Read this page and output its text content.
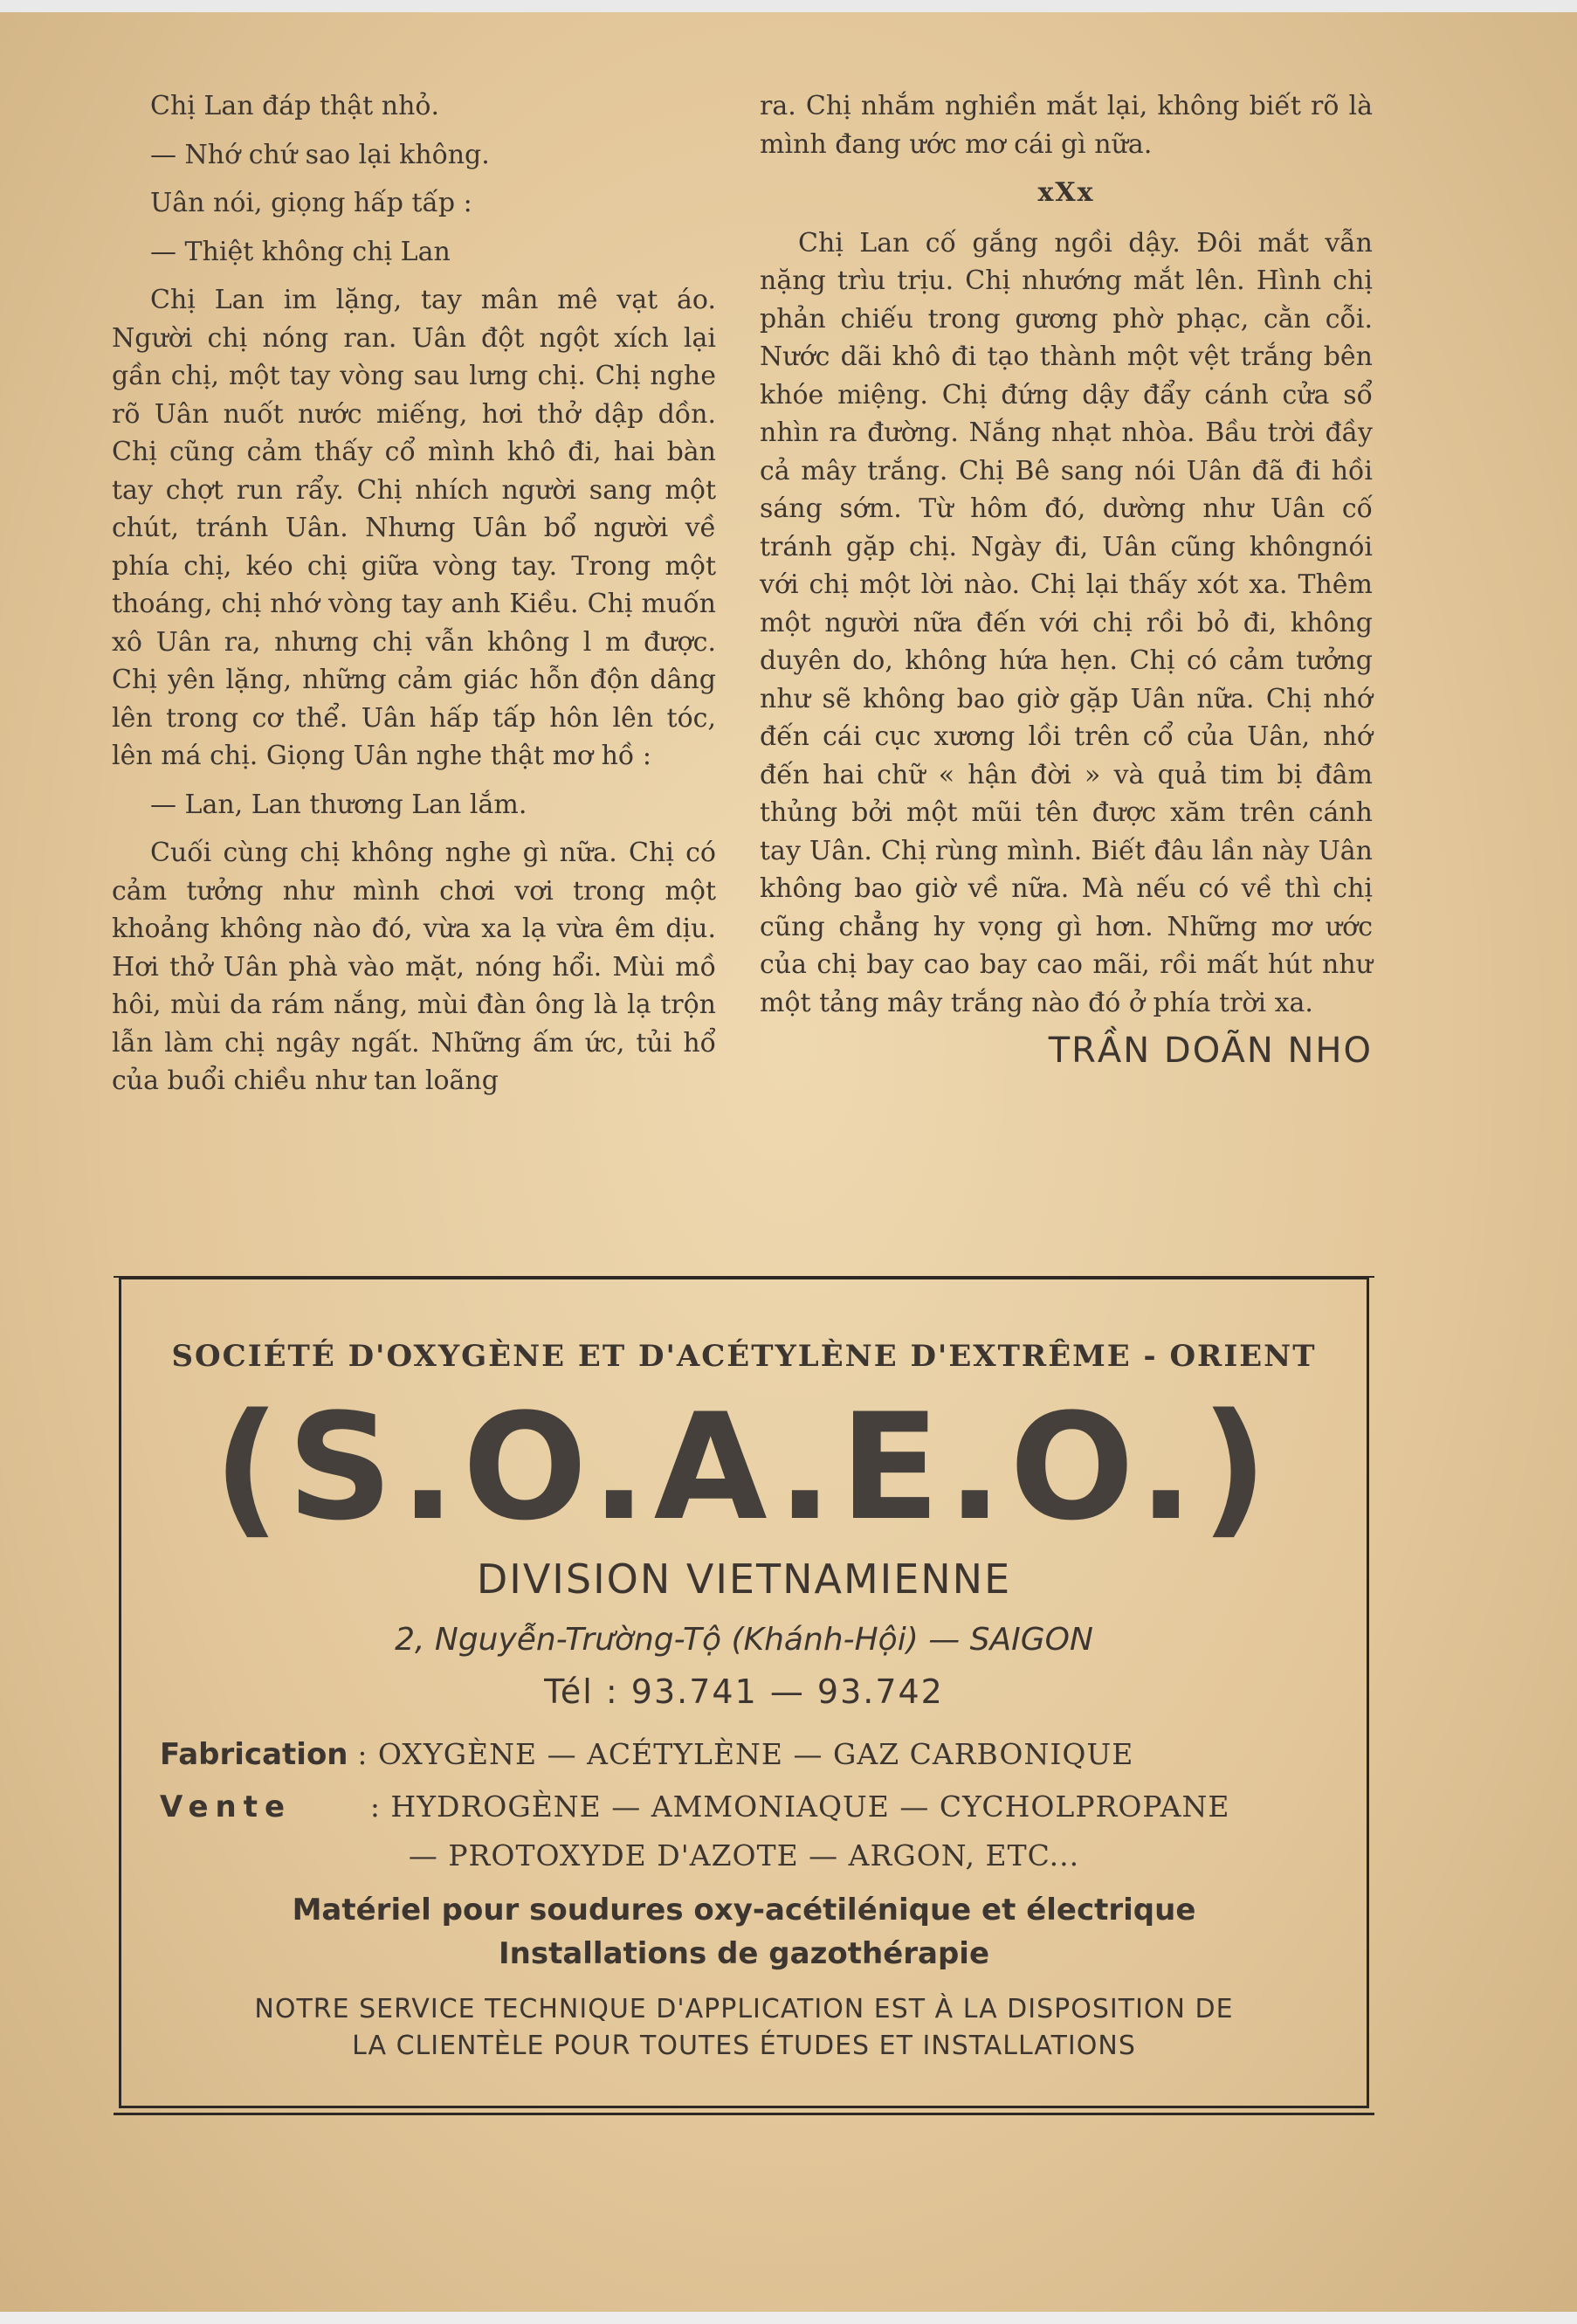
Chị Lan đáp thật nhỏ.

— Nhớ chứ sao lại không.

Uân nói, giọng hấp tấp :

— Thiệt không chị Lan

Chị Lan im lặng, tay mân mê vạt áo. Người chị nóng ran. Uân đột ngột xích lại gần chị, một tay vòng sau lưng chị. Chị nghe rõ Uân nuốt nước miếng, hơi thở dập dồn. Chị cũng cảm thấy cổ mình khô đi, hai bàn tay chợt run rẩy. Chị nhích người sang một chút, tránh Uân. Nhưng Uân bổ người về phía chị, kéo chị giữa vòng tay. Trong một thoáng, chị nhớ vòng tay anh Kiều. Chị muốn xô Uân ra, nhưng chị vẫn không l m được. Chị yên lặng, những cảm giác hỗn độn dâng lên trong cơ thể. Uân hấp tấp hôn lên tóc, lên má chị. Giọng Uân nghe thật mơ hồ :

— Lan, Lan thương Lan lắm.

Cuối cùng chị không nghe gì nữa. Chị có cảm tưởng như mình chơi vơi trong một khoảng không nào đó, vừa xa lạ vừa êm dịu. Hơi thở Uân phà vào mặt, nóng hổi. Mùi mồ hôi, mùi da rám nắng, mùi đàn ông là lạ trộn lẫn làm chị ngây ngất. Những ấm ức, tủi hổ của buổi chiều như tan loãng

ra. Chị nhắm nghiền mắt lại, không biết rõ là mình đang ước mơ cái gì nữa.

xXx

Chị Lan cố gắng ngồi dậy. Đôi mắt vẫn nặng trìu trịu. Chị nhướng mắt lên. Hình chị phản chiếu trong gương phờ phạc, cằn cỗi. Nước dãi khô đi tạo thành một vệt trắng bên khóe miệng. Chị đứng dậy đẩy cánh cửa sổ nhìn ra đường. Nắng nhạt nhòa. Bầu trời đầy cả mây trắng. Chị Bê sang nói Uân đã đi hồi sáng sớm. Từ hôm đó, dường như Uân cố tránh gặp chị. Ngày đi, Uân cũng khôngnói với chị một lời nào. Chị lại thấy xót xa. Thêm một người nữa đến với chị rồi bỏ đi, không duyên do, không hứa hẹn. Chị có cảm tưởng như sẽ không bao giờ gặp Uân nữa. Chị nhớ đến cái cục xương lồi trên cổ của Uân, nhớ đến hai chữ « hận đời » và quả tim bị đâm thủng bởi một mũi tên được xăm trên cánh tay Uân. Chị rùng mình. Biết đâu lần này Uân không bao giờ về nữa. Mà nếu có về thì chị cũng chẳng hy vọng gì hơn. Những mơ ước của chị bay cao bay cao mãi, rồi mất hút như một tảng mây trắng nào đó ở phía trời xa.

TRẦN DOÃN NHO
SOCIÉTÉ D'OXYGÈNE ET D'ACÉTYLÈNE D'EXTRÊME - ORIENT
(S.O.A.E.O.)
DIVISION VIETNAMIENNE
2, Nguyễn-Trường-Tộ (Khánh-Hội) — SAIGON
Tél : 93.741 — 93.742
Fabrication : OXYGÈNE — ACÉTYLÈNE — GAZ CARBONIQUE
Vente	: HYDROGÈNE — AMMONIAQUE — CYCHOLPROPANE
— PROTOXYDE D'AZOTE — ARGON, ETC...
Matériel pour soudures oxy-acétilénique et électrique
Installations de gazothérapie
NOTRE SERVICE TECHNIQUE D'APPLICATION EST À LA DISPOSITION DE
LA CLIENTÈLE POUR TOUTES ÉTUDES ET INSTALLATIONS
